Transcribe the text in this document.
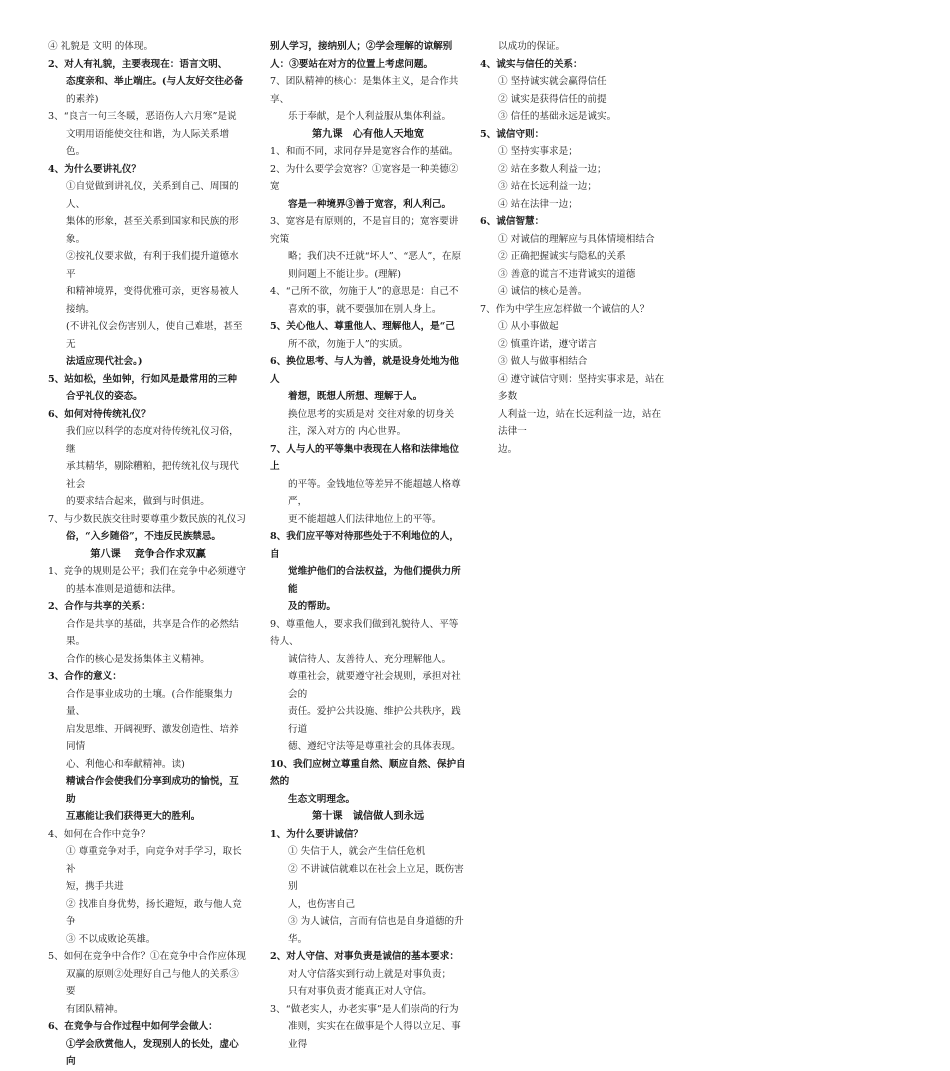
④ 礼貌是 文明 的体现。

2、对人有礼貌，主要表现在：语言文明、

态度亲和、举止端庄。(与人友好交往必备

的素养)

3、“良言一句三冬暖，恶语伤人六月寒”是说

文明用语能使交往和谐，为人际关系增色。

4、为什么要讲礼仪？

①自觉做到讲礼仪，关系到自己、周围的人、

集体的形象，甚至关系到国家和民族的形象。

②按礼仪要求做，有利于我们提升道德水平

和精神境界，变得优雅可亲，更容易被人接纳。

(不讲礼仪会伤害别人，使自己难堪，甚至无

法适应现代社会。)

5、站如松，坐如钟，行如风是最常用的三种

合乎礼仪的姿态。

6、如何对待传统礼仪？

我们应以科学的态度对待传统礼仪习俗，继

承其精华，剔除糟粕，把传统礼仪与现代社会

的要求结合起来，做到与时俱进。

7、与少数民族交往时要尊重少数民族的礼仪习

俗，“入乡随俗”，不违反民族禁忌。

第八课　 竞争合作求双赢

1、竞争的规则是公平；我们在竞争中必须遵守

的基本准则是道德和法律。

2、合作与共享的关系：

合作是共享的基础，共享是合作的必然结果。

合作的核心是发扬集体主义精神。

3、合作的意义：

合作是事业成功的土壤。(合作能聚集力量、

启发思维、开阔视野、激发创造性、培养同情

心、利他心和奉献精神。读)

精诚合作会使我们分享到成功的愉悦，互助

互惠能让我们获得更大的胜利。

4、如何在合作中竞争？

① 尊重竞争对手，向竞争对手学习，取长补

短，携手共进

② 找准自身优势，扬长避短，敢与他人竞争

③ 不以成败论英雄。

5、如何在竞争中合作？①在竞争中合作应体现

双赢的原则②处理好自己与他人的关系③要

有团队精神。

6、在竞争与合作过程中如何学会做人：

①学会欣赏他人，发现别人的长处，虚心向

别人学习，接纳别人；②学会理解的谅解别

人：③要站在对方的位置上考虑问题。

7、团队精神的核心：是集体主义，是合作共享、

乐于奉献，是个人利益服从集体利益。

第九课　心有他人天地宽

1、和而不同，求同存异是宽容合作的基础。

2、为什么要学会宽容？①宽容是一种美德②宽

容是一种境界③善于宽容，利人利己。

3、宽容是有原则的，不是盲目的；宽容要讲究策

略；我们决不迁就“坏人”、“恶人”，在原

则问题上不能让步。(理解)

4、“己所不欲，勿施于人”的意思是：自己不

喜欢的事，就不要强加在别人身上。

5、关心他人、尊重他人、理解他人，是“己

所不欲，勿施于人”的实质。

6、换位思考、与人为善，就是设身处地为他人

着想，既想人所想、理解于人。

换位思考的实质是对 交往对象的切身关

注，深入对方的 内心世界。

7、人与人的平等集中表现在人格和法律地位上

的平等。金钱地位等差异不能超越人格尊严，

更不能超越人们法律地位上的平等。

8、我们应平等对待那些处于不利地位的人，自

觉维护他们的合法权益，为他们提供力所能

及的帮助。

9、尊重他人，要求我们做到礼貌待人、平等待人、

诚信待人、友善待人、充分理解他人。

尊重社会，就要遵守社会规则，承担对社会的

责任。爱护公共设施、维护公共秩序，践行道

德、遵纪守法等是尊重社会的具体表现。

10、我们应树立尊重自然、顺应自然、保护自然的

生态文明理念。

第十课　诚信做人到永远

1、为什么要讲诚信？

① 失信于人，就会产生信任危机

② 不讲诚信就难以在社会上立足，既伤害别

人，也伤害自己

③ 为人诚信，言而有信也是自身道德的升华。

2、对人守信、对事负责是诚信的基本要求：

对人守信落实到行动上就是对事负责；

只有对事负责才能真正对人守信。

3、“做老实人，办老实事”是人们崇尚的行为

准则，实实在在做事是个人得以立足、事业得

以成功的保证。

4、诚实与信任的关系：

① 坚持诚实就会赢得信任

② 诚实是获得信任的前提

③ 信任的基础永远是诚实。

5、诚信守则：

① 坚持实事求是；

② 站在多数人利益一边；

③ 站在长远利益一边；

④ 站在法律一边；

6、诚信智慧：

① 对诚信的理解应与具体情境相结合

② 正确把握诚实与隐私的关系

③ 善意的谎言不违背诚实的道德

④ 诚信的核心是善。

7、作为中学生应怎样做一个诚信的人？

① 从小事做起

② 慎重许诺，遵守诺言

③ 做人与做事相结合

④ 遵守诚信守则：坚持实事求是，站在多数

人利益一边，站在长远利益一边，站在法律一

边。
